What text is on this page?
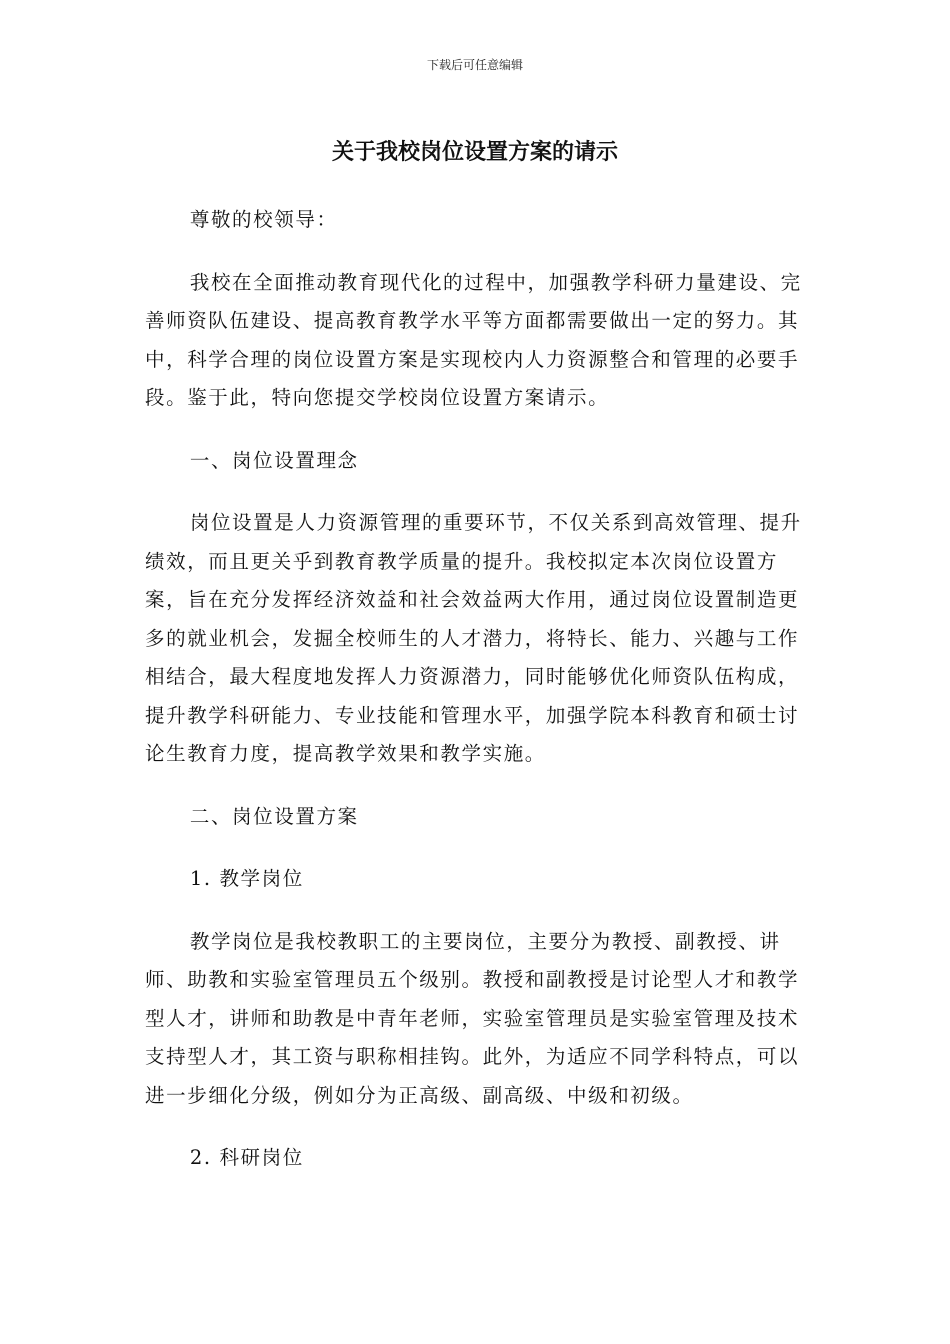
下载后可任意编辑
关于我校岗位设置方案的请示

尊敬的校领导：

我校在全面推动教育现代化的过程中，加强教学科研力量建设、完善师资队伍建设、提高教育教学水平等方面都需要做出一定的努力。其中，科学合理的岗位设置方案是实现校内人力资源整合和管理的必要手段。鉴于此，特向您提交学校岗位设置方案请示。

一、岗位设置理念

岗位设置是人力资源管理的重要环节，不仅关系到高效管理、提升绩效，而且更关乎到教育教学质量的提升。我校拟定本次岗位设置方案，旨在充分发挥经济效益和社会效益两大作用，通过岗位设置制造更多的就业机会，发掘全校师生的人才潜力，将特长、能力、兴趣与工作相结合，最大程度地发挥人力资源潜力，同时能够优化师资队伍构成，提升教学科研能力、专业技能和管理水平，加强学院本科教育和硕士讨论生教育力度，提高教学效果和教学实施。

二、岗位设置方案

1. 教学岗位

教学岗位是我校教职工的主要岗位，主要分为教授、副教授、讲师、助教和实验室管理员五个级别。教授和副教授是讨论型人才和教学型人才，讲师和助教是中青年老师，实验室管理员是实验室管理及技术支持型人才，其工资与职称相挂钩。此外，为适应不同学科特点，可以进一步细化分级，例如分为正高级、副高级、中级和初级。

2. 科研岗位
